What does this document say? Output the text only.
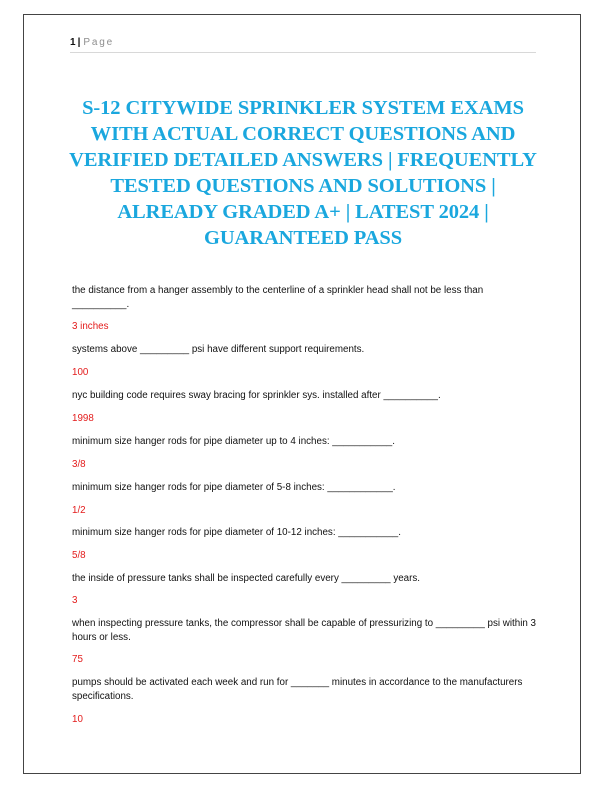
1 | Page
S-12 CITYWIDE SPRINKLER SYSTEM EXAMS WITH ACTUAL CORRECT QUESTIONS AND VERIFIED DETAILED ANSWERS | FREQUENTLY TESTED QUESTIONS AND SOLUTIONS | ALREADY GRADED A+ | LATEST 2024 | GUARANTEED PASS

the distance from a hanger assembly to the centerline of a sprinkler head shall not be less than __________.

3 inches

systems above _________ psi have different support requirements.

100

nyc building code requires sway bracing for sprinkler sys. installed after __________.

1998

minimum size hanger rods for pipe diameter up to 4 inches: ___________.

3/8

minimum size hanger rods for pipe diameter of 5-8 inches: ____________.

1/2

minimum size hanger rods for pipe diameter of 10-12 inches: ___________.

5/8

the inside of pressure tanks shall be inspected carefully every _________ years.

3

when inspecting pressure tanks, the compressor shall be capable of pressurizing to _________ psi within 3 hours or less.

75

pumps should be activated each week and run for _______ minutes in accordance to the manufacturers specifications.

10
